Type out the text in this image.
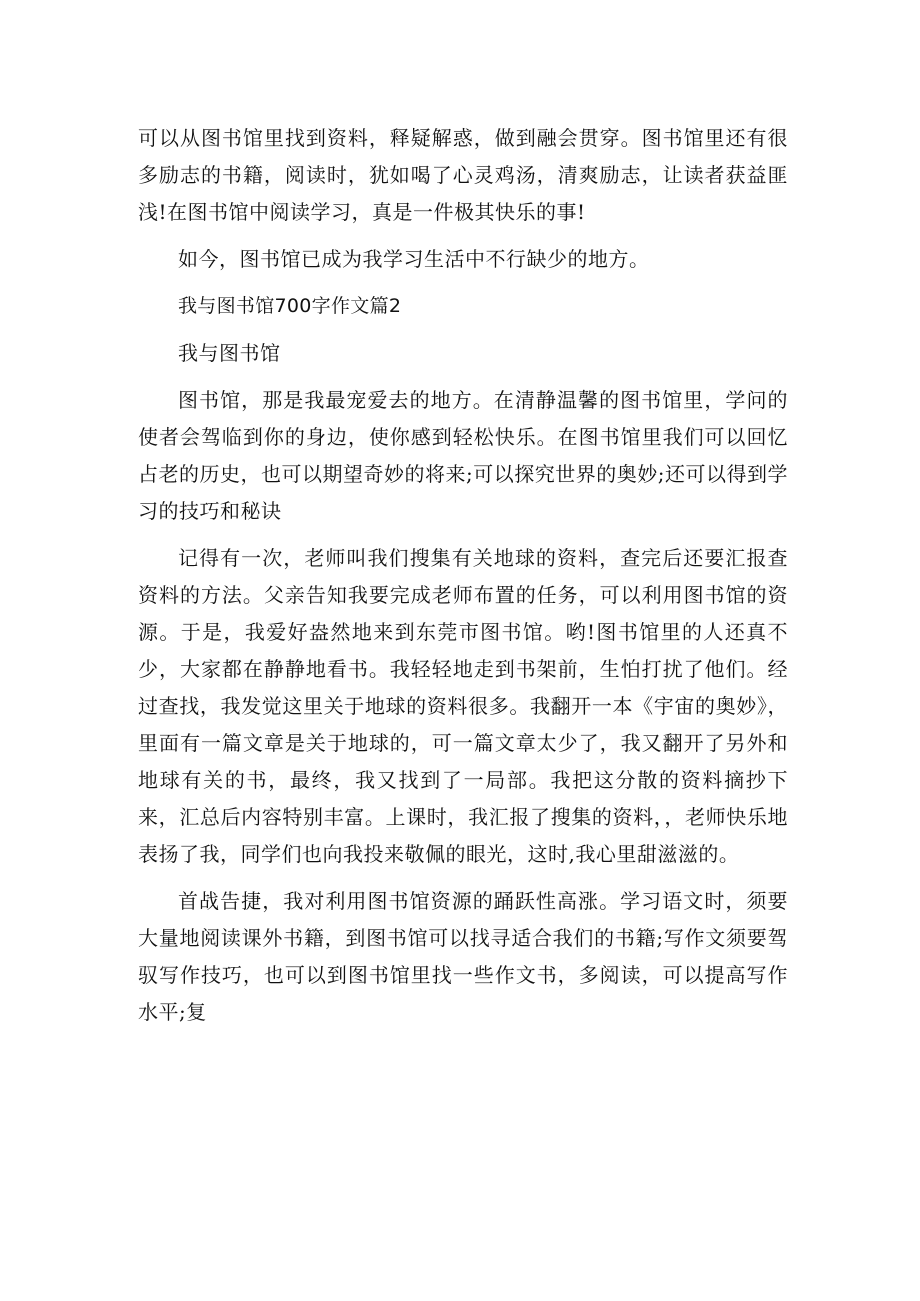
可以从图书馆里找到资料，释疑解惑，做到融会贯穿。图书馆里还有很多励志的书籍，阅读时，犹如喝了心灵鸡汤，清爽励志，让读者获益匪浅!在图书馆中阅读学习，真是一件极其快乐的事!

如今，图书馆已成为我学习生活中不行缺少的地方。

我与图书馆700字作文篇2

我与图书馆

图书馆，那是我最宠爱去的地方。在清静温馨的图书馆里，学问的使者会驾临到你的身边，使你感到轻松快乐。在图书馆里我们可以回忆占老的历史，也可以期望奇妙的将来;可以探究世界的奥妙;还可以得到学习的技巧和秘诀

记得有一次，老师叫我们搜集有关地球的资料，查完后还要汇报查资料的方法。父亲告知我要完成老师布置的任务，可以利用图书馆的资源。于是，我爱好盎然地来到东莞市图书馆。哟!图书馆里的人还真不少，大家都在静静地看书。我轻轻地走到书架前，生怕打扰了他们。经过查找，我发觉这里关于地球的资料很多。我翻开一本《宇宙的奥妙》，里面有一篇文章是关于地球的，可一篇文章太少了，我又翻开了另外和地球有关的书，最终，我又找到了一局部。我把这分散的资料摘抄下来，汇总后内容特别丰富。上课时，我汇报了搜集的资料，，老师快乐地表扬了我，同学们也向我投来敬佩的眼光，这时,我心里甜滋滋的。

首战告捷，我对利用图书馆资源的踊跃性高涨。学习语文时，须要大量地阅读课外书籍，到图书馆可以找寻适合我们的书籍;写作文须要驾驭写作技巧，也可以到图书馆里找一些作文书，多阅读，可以提高写作水平;复
